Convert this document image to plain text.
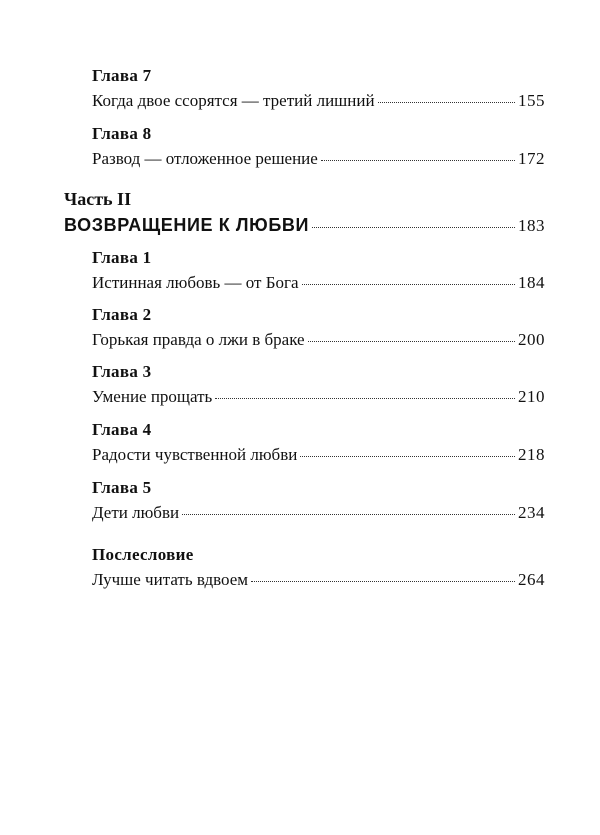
Глава 7
Когда двое ссорятся — третий лишний	155
Глава 8
Развод — отложенное решение	172
Часть II
ВОЗВРАЩЕНИЕ К ЛЮБВИ	183
Глава 1
Истинная любовь — от Бога	184
Глава 2
Горькая правда о лжи в браке	200
Глава 3
Умение прощать	210
Глава 4
Радости чувственной любви	218
Глава 5
Дети любви	234
Послесловие
Лучше читать вдвоем	264
